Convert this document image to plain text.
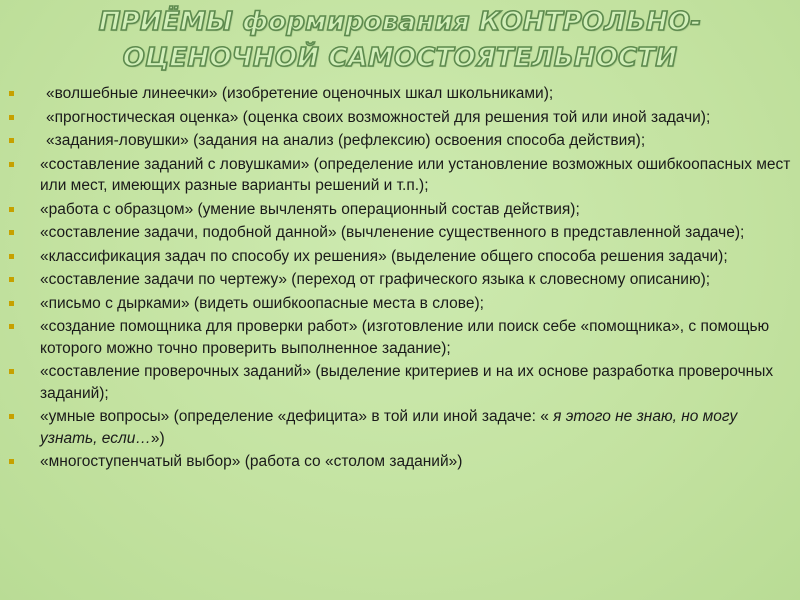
ПРИЁМЫ формирования КОНТРОЛЬНО-
ОЦЕНОЧНОЙ САМОСТОЯТЕЛЬНОСТИ
«волшебные линеечки» (изобретение оценочных шкал школьниками);
«прогностическая оценка» (оценка своих возможностей для решения той или иной задачи);
«задания-ловушки» (задания на анализ (рефлексию) освоения способа действия);
«составление заданий с ловушками» (определение или установление возможных ошибкоопасных мест или мест, имеющих разные варианты решений и т.п.);
«работа с образцом» (умение вычленять операционный состав действия);
«составление задачи, подобной данной» (вычленение существенного в представленной задаче);
«классификация задач по способу их решения» (выделение общего способа решения задачи);
«составление задачи по чертежу» (переход от графического языка к словесному описанию);
«письмо с дырками» (видеть ошибкоопасные места в слове);
«создание помощника для проверки работ» (изготовление или поиск себе «помощника», с помощью которого можно точно проверить выполненное задание);
«составление проверочных заданий» (выделение критериев и на их основе разработка проверочных заданий);
«умные вопросы» (определение «дефицита» в той или иной задаче: « я этого не знаю, но могу узнать, если…»)
«многоступенчатый выбор» (работа со «столом заданий»)
